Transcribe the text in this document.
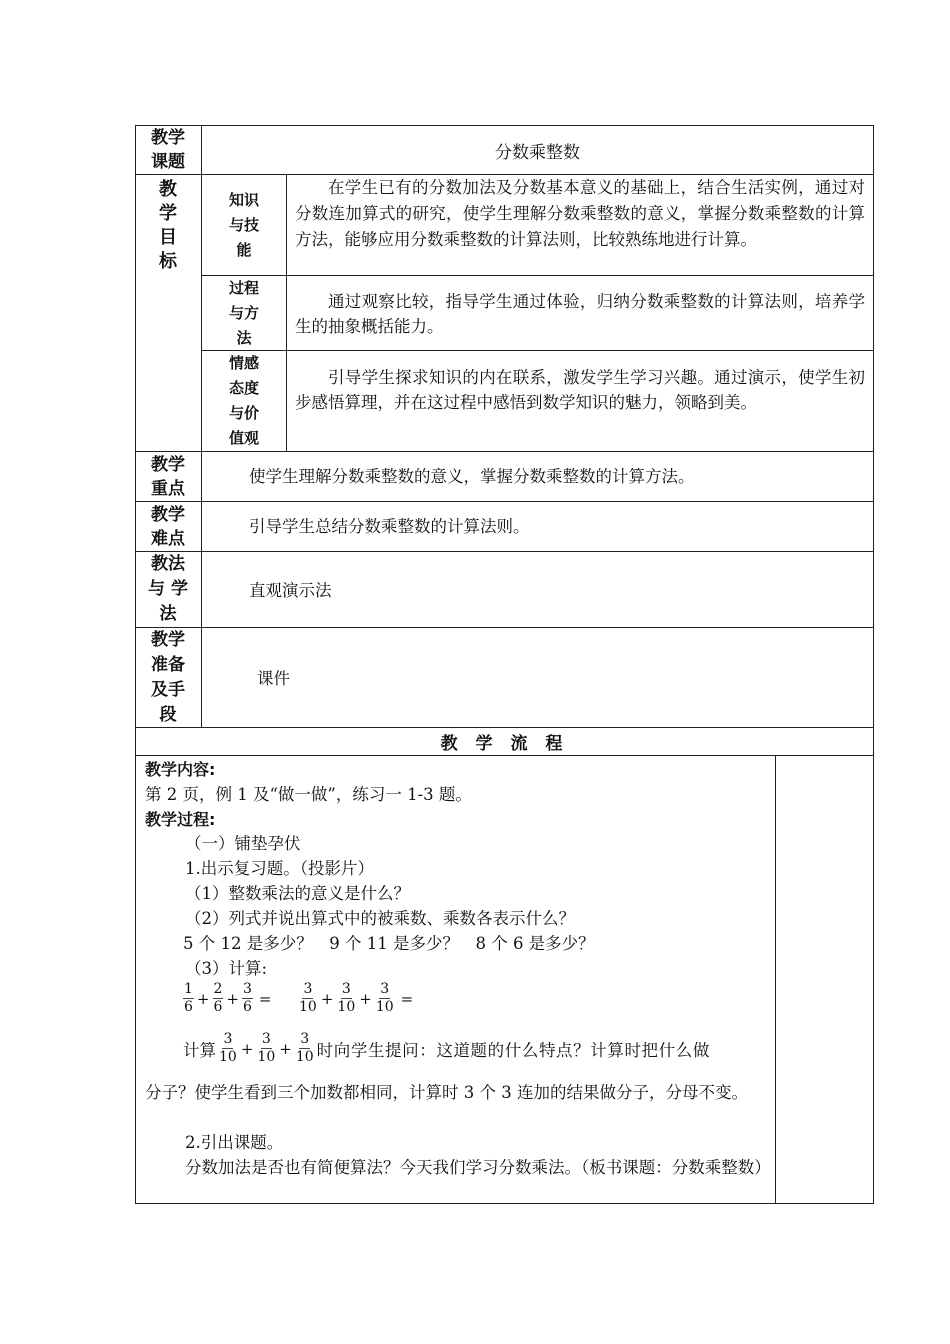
教学课题	分数乘整数
教学目标
知识与技能
在学生已有的分数加法及分数基本意义的基础上，结合生活实例，通过对分数连加算式的研究，使学生理解分数乘整数的意义，掌握分数乘整数的计算方法，能够应用分数乘整数的计算法则，比较熟练地进行计算。
过程与方法
通过观察比较，指导学生通过体验，归纳分数乘整数的计算法则，培养学生的抽象概括能力。
情感态度与价值观
引导学生探求知识的内在联系，激发学生学习兴趣。通过演示，使学生初步感悟算理，并在这过程中感悟到数学知识的魅力，领略到美。
教学重点
使学生理解分数乘整数的意义，掌握分数乘整数的计算方法。
教学难点
引导学生总结分数乘整数的计算法则。
教法与 学法
直观演示法
教学准备及手段
课件
教 学 流 程
教学内容:
第 2 页，例 1 及“做一做”，练习一 1-3 题。
教学过程:
（一）铺垫孕伏
1.出示复习题。（投影片）
（1）整数乘法的意义是什么？
（2）列式并说出算式中的被乘数、乘数各表示什么？
5 个 12 是多少？　9 个 11 是多少？　8 个 6 是多少？
（3）计算:
$\frac{1}{6} + \frac{2}{6} + \frac{3}{6} = \frac{3}{10} + \frac{3}{10} + \frac{3}{10}$ =
计算 $\frac{3}{10} + \frac{3}{10} + \frac{3}{10}$ 时向学生提问：这道题的什么特点？计算时把什么做
分子？使学生看到三个加数都相同，计算时 3 个 3 连加的结果做分子，分母不变。
2.引出课题。
分数加法是否也有简便算法？今天我们学习分数乘法。（板书课题：分数乘整数）
